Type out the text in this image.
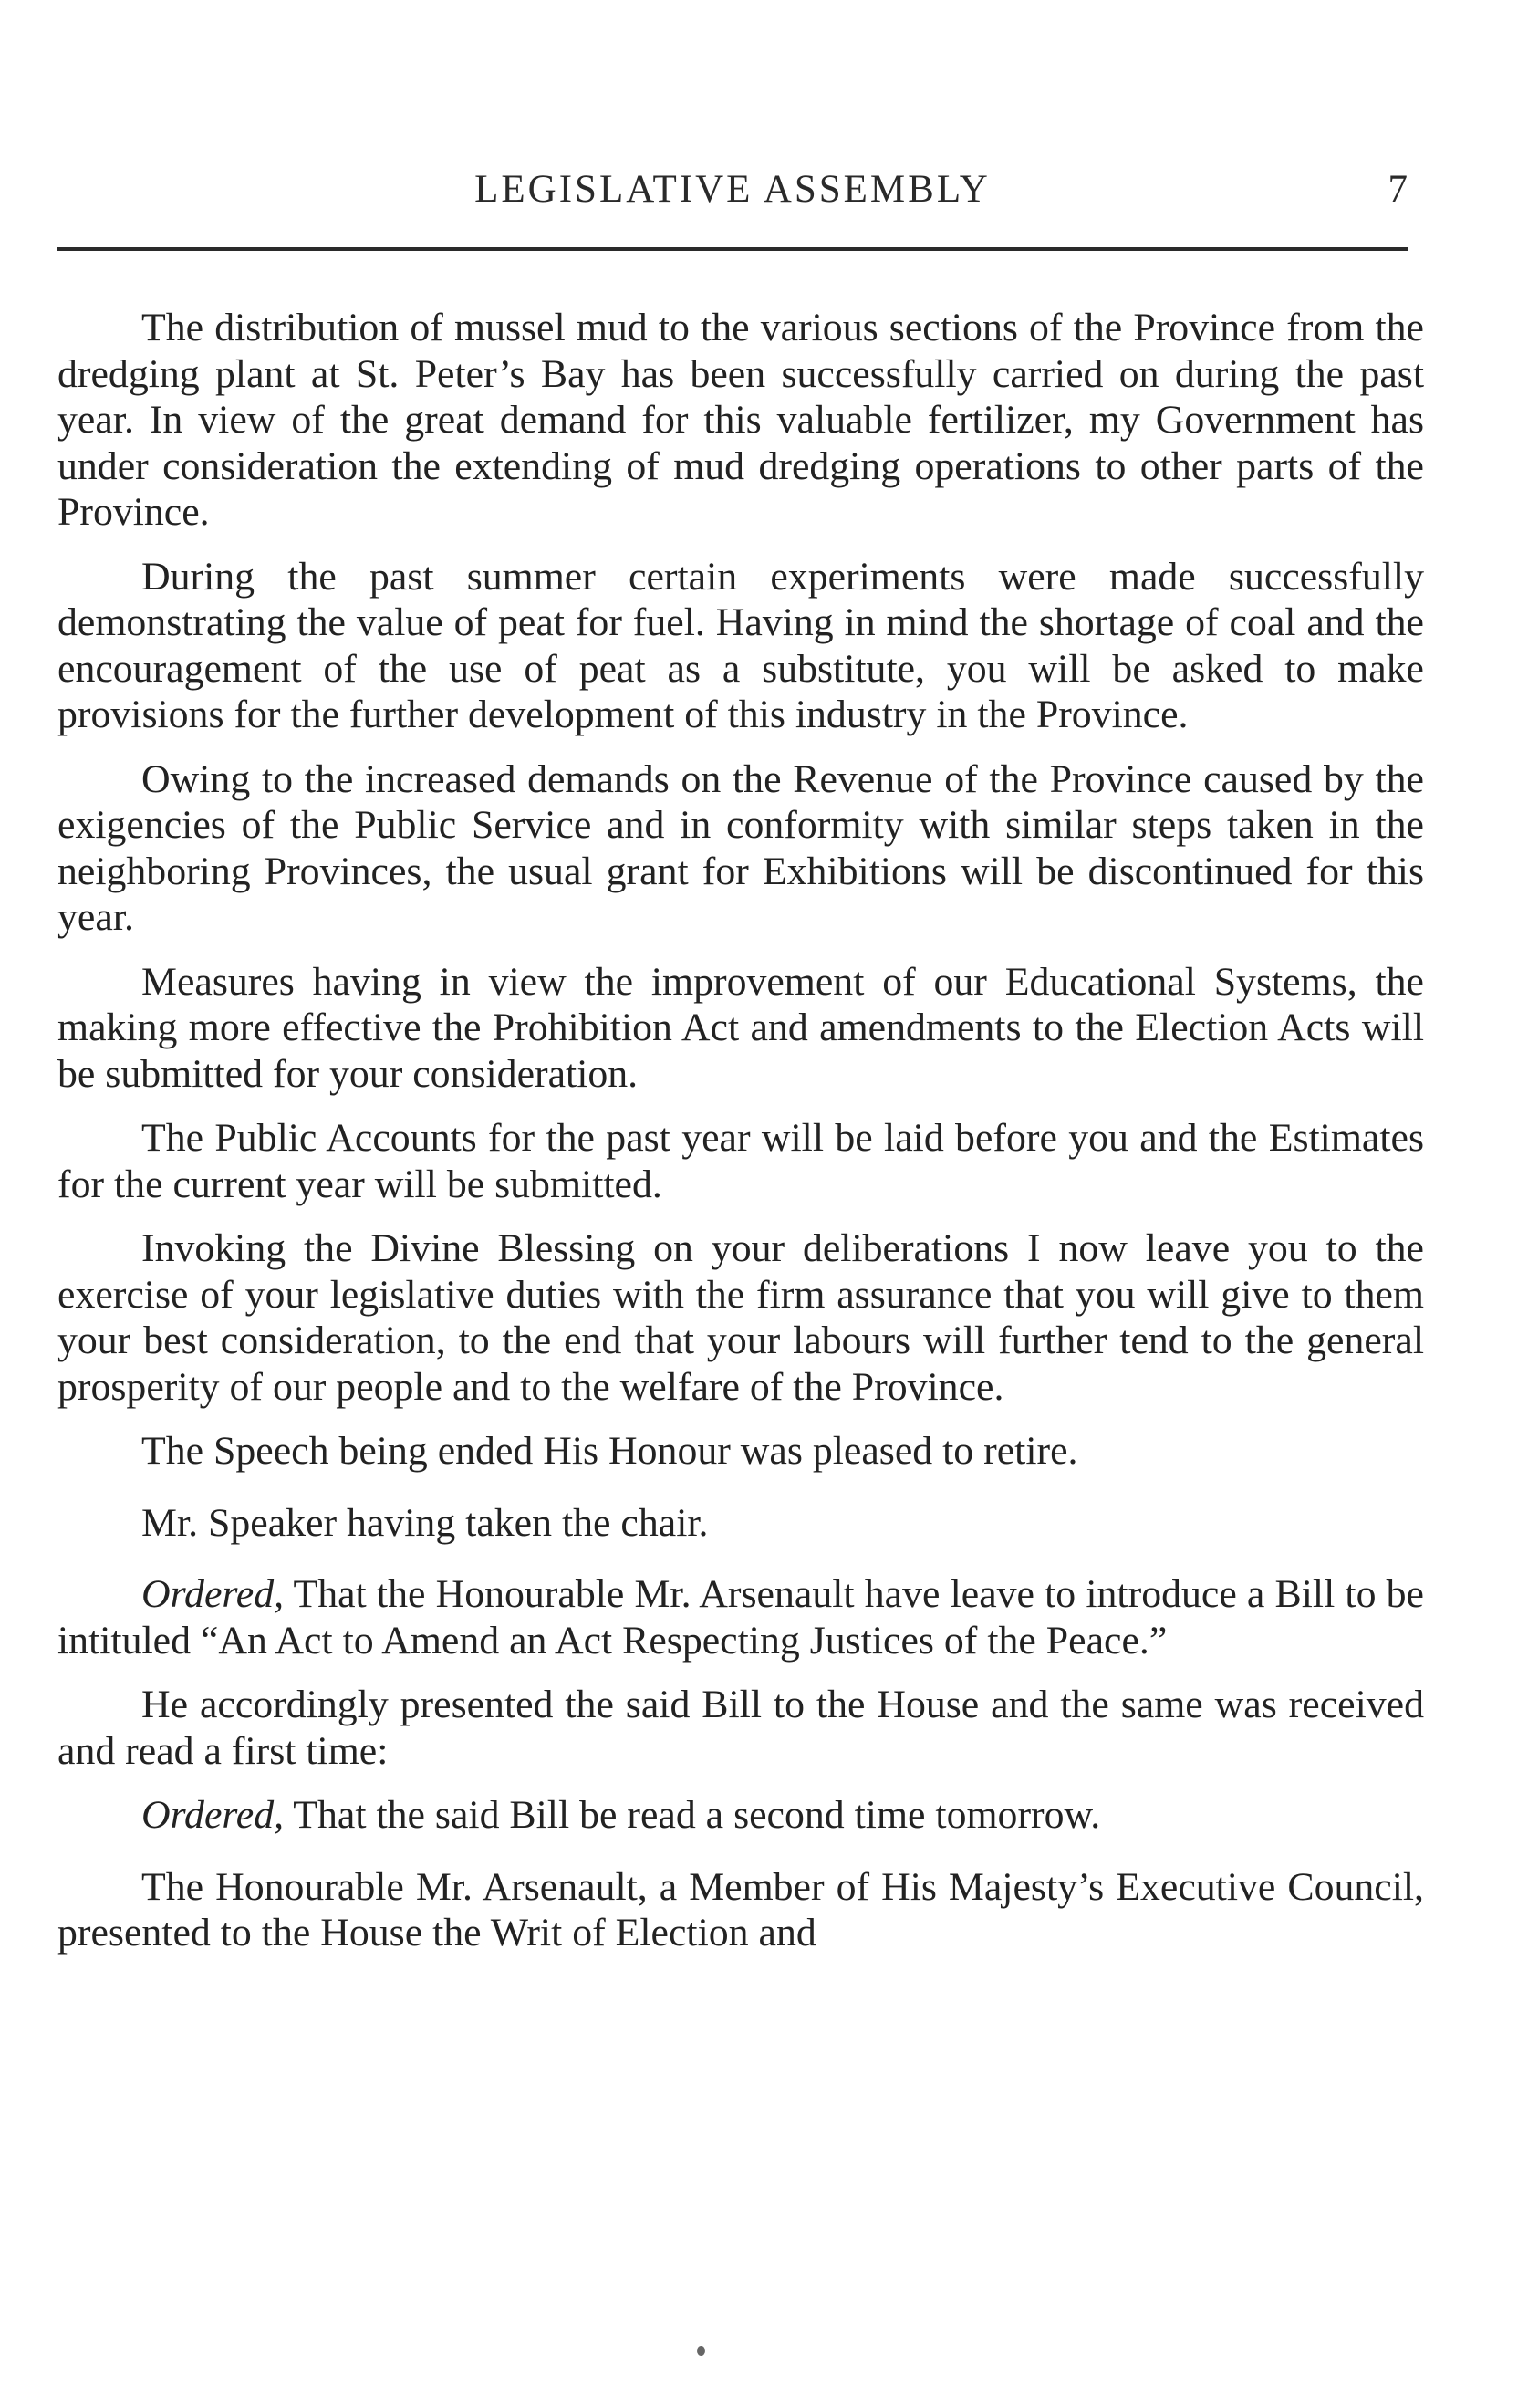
LEGISLATIVE ASSEMBLY	7

The distribution of mussel mud to the various sections of the Province from the dredging plant at St. Peter’s Bay has been successfully carried on during the past year. In view of the great demand for this valuable fertilizer, my Government has under consideration the extending of mud dredging operations to other parts of the Province.

During the past summer certain experiments were made successfully demonstrating the value of peat for fuel. Having in mind the shortage of coal and the encouragement of the use of peat as a substitute, you will be asked to make provisions for the further development of this industry in the Province.

Owing to the increased demands on the Revenue of the Province caused by the exigencies of the Public Service and in conformity with similar steps taken in the neighboring Provinces, the usual grant for Exhibitions will be discontinued for this year.

Measures having in view the improvement of our Educational Systems, the making more effective the Prohibition Act and amendments to the Election Acts will be submitted for your consideration.

The Public Accounts for the past year will be laid before you and the Estimates for the current year will be submitted.

Invoking the Divine Blessing on your deliberations I now leave you to the exercise of your legislative duties with the firm assurance that you will give to them your best consideration, to the end that your labours will further tend to the general prosperity of our people and to the welfare of the Province.

The Speech being ended His Honour was pleased to retire.

Mr. Speaker having taken the chair.

Ordered, That the Honourable Mr. Arsenault have leave to introduce a Bill to be intituled “An Act to Amend an Act Respecting Justices of the Peace.”

He accordingly presented the said Bill to the House and the same was received and read a first time:

Ordered, That the said Bill be read a second time tomorrow.

The Honourable Mr. Arsenault, a Member of His Majesty’s Executive Council, presented to the House the Writ of Election and
